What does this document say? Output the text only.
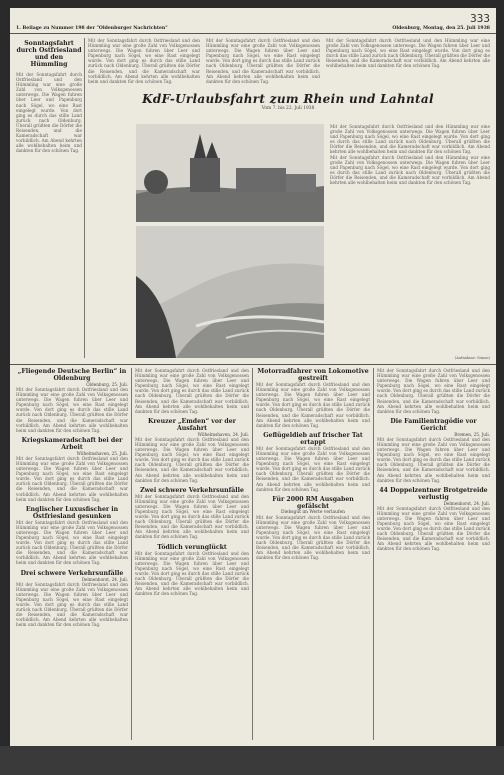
333
1. Beilage zu Nummer 198 der "Oldenburger Nachrichten"	Oldenburg, Montag, den 25. Juli 1938
Sonntagsfahrt durch Ostfriesland und den Hümmling
Mit der Sonntagsfahrt durch Ostfriesland und den Hümmling war eine große Zahl von Volksgenossen unterwegs. Die Wagen fuhren über Leer und Papenburg nach Sögel, wo eine Rast eingelegt wurde. Von dort ging es durch das stille Land zurück nach Oldenburg. Überall grüßten die Dörfer die Reisenden, und die Kameradschaft war vorbildlich. Am Abend kehrten alle wohlbehalten heim und dankten für den schönen Tag.
Mit der Sonntagsfahrt durch Ostfriesland und den Hümmling war eine große Zahl von Volksgenossen unterwegs. Die Wagen fuhren über Leer und Papenburg nach Sögel, wo eine Rast eingelegt wurde. Von dort ging es durch das stille Land zurück nach Oldenburg. Überall grüßten die Dörfer die Reisenden, und die Kameradschaft war vorbildlich. Am Abend kehrten alle wohlbehalten heim und dankten für den schönen Tag.
Mit der Sonntagsfahrt durch Ostfriesland und den Hümmling war eine große Zahl von Volksgenossen unterwegs. Die Wagen fuhren über Leer und Papenburg nach Sögel, wo eine Rast eingelegt wurde. Von dort ging es durch das stille Land zurück nach Oldenburg. Überall grüßten die Dörfer die Reisenden, und die Kameradschaft war vorbildlich. Am Abend kehrten alle wohlbehalten heim und dankten für den schönen Tag.
Mit der Sonntagsfahrt durch Ostfriesland und den Hümmling war eine große Zahl von Volksgenossen unterwegs. Die Wagen fuhren über Leer und Papenburg nach Sögel, wo eine Rast eingelegt wurde. Von dort ging es durch das stille Land zurück nach Oldenburg. Überall grüßten die Dörfer die Reisenden, und die Kameradschaft war vorbildlich. Am Abend kehrten alle wohlbehalten heim und dankten für den schönen Tag.
KdF-Urlaubsfahrt zum Rhein und Lahntal
Vom 7. bis 22. Juli 1938
Mit der Sonntagsfahrt durch Ostfriesland und den Hümmling war eine große Zahl von Volksgenossen unterwegs. Die Wagen fuhren über Leer und Papenburg nach Sögel, wo eine Rast eingelegt wurde. Von dort ging es durch das stille Land zurück nach Oldenburg. Überall grüßten die Dörfer die Reisenden, und die Kameradschaft war vorbildlich. Am Abend kehrten alle wohlbehalten heim und dankten für den schönen Tag.
Mit der Sonntagsfahrt durch Ostfriesland und den Hümmling war eine große Zahl von Volksgenossen unterwegs. Die Wagen fuhren über Leer und Papenburg nach Sögel, wo eine Rast eingelegt wurde. Von dort ging es durch das stille Land zurück nach Oldenburg. Überall grüßten die Dörfer die Reisenden, und die Kameradschaft war vorbildlich. Am Abend kehrten alle wohlbehalten heim und dankten für den schönen Tag.
(Aufnahme: Simon)
„Fliegende Deutsche Berlin“ in Oldenburg
Oldenburg, 25. Juli.
Mit der Sonntagsfahrt durch Ostfriesland und den Hümmling war eine große Zahl von Volksgenossen unterwegs. Die Wagen fuhren über Leer und Papenburg nach Sögel, wo eine Rast eingelegt wurde. Von dort ging es durch das stille Land zurück nach Oldenburg. Überall grüßten die Dörfer die Reisenden, und die Kameradschaft war vorbildlich. Am Abend kehrten alle wohlbehalten heim und dankten für den schönen Tag.
Kriegskameradschaft bei der Arbeit
Wilhelmshaven, 25. Juli.
Mit der Sonntagsfahrt durch Ostfriesland und den Hümmling war eine große Zahl von Volksgenossen unterwegs. Die Wagen fuhren über Leer und Papenburg nach Sögel, wo eine Rast eingelegt wurde. Von dort ging es durch das stille Land zurück nach Oldenburg. Überall grüßten die Dörfer die Reisenden, und die Kameradschaft war vorbildlich. Am Abend kehrten alle wohlbehalten heim und dankten für den schönen Tag.
Englischer Luxusfischer in Ostfriesland gesunken
Mit der Sonntagsfahrt durch Ostfriesland und den Hümmling war eine große Zahl von Volksgenossen unterwegs. Die Wagen fuhren über Leer und Papenburg nach Sögel, wo eine Rast eingelegt wurde. Von dort ging es durch das stille Land zurück nach Oldenburg. Überall grüßten die Dörfer die Reisenden, und die Kameradschaft war vorbildlich. Am Abend kehrten alle wohlbehalten heim und dankten für den schönen Tag.
Drei schwere Verkehrsunfälle
Delmenhorst, 24. Juli.
Mit der Sonntagsfahrt durch Ostfriesland und den Hümmling war eine große Zahl von Volksgenossen unterwegs. Die Wagen fuhren über Leer und Papenburg nach Sögel, wo eine Rast eingelegt wurde. Von dort ging es durch das stille Land zurück nach Oldenburg. Überall grüßten die Dörfer die Reisenden, und die Kameradschaft war vorbildlich. Am Abend kehrten alle wohlbehalten heim und dankten für den schönen Tag.
Mit der Sonntagsfahrt durch Ostfriesland und den Hümmling war eine große Zahl von Volksgenossen unterwegs. Die Wagen fuhren über Leer und Papenburg nach Sögel, wo eine Rast eingelegt wurde. Von dort ging es durch das stille Land zurück nach Oldenburg. Überall grüßten die Dörfer die Reisenden, und die Kameradschaft war vorbildlich. Am Abend kehrten alle wohlbehalten heim und dankten für den schönen Tag.
Kreuzer „Emden“ vor der Ausfahrt
Wilhelmshaven, 24. Juli.
Mit der Sonntagsfahrt durch Ostfriesland und den Hümmling war eine große Zahl von Volksgenossen unterwegs. Die Wagen fuhren über Leer und Papenburg nach Sögel, wo eine Rast eingelegt wurde. Von dort ging es durch das stille Land zurück nach Oldenburg. Überall grüßten die Dörfer die Reisenden, und die Kameradschaft war vorbildlich. Am Abend kehrten alle wohlbehalten heim und dankten für den schönen Tag.
Zwei schwere Verkehrsunfälle
Mit der Sonntagsfahrt durch Ostfriesland und den Hümmling war eine große Zahl von Volksgenossen unterwegs. Die Wagen fuhren über Leer und Papenburg nach Sögel, wo eine Rast eingelegt wurde. Von dort ging es durch das stille Land zurück nach Oldenburg. Überall grüßten die Dörfer die Reisenden, und die Kameradschaft war vorbildlich. Am Abend kehrten alle wohlbehalten heim und dankten für den schönen Tag.
Tödlich verunglückt
Mit der Sonntagsfahrt durch Ostfriesland und den Hümmling war eine große Zahl von Volksgenossen unterwegs. Die Wagen fuhren über Leer und Papenburg nach Sögel, wo eine Rast eingelegt wurde. Von dort ging es durch das stille Land zurück nach Oldenburg. Überall grüßten die Dörfer die Reisenden, und die Kameradschaft war vorbildlich. Am Abend kehrten alle wohlbehalten heim und dankten für den schönen Tag.
Motorradfahrer von Lokomotive gestreift
Mit der Sonntagsfahrt durch Ostfriesland und den Hümmling war eine große Zahl von Volksgenossen unterwegs. Die Wagen fuhren über Leer und Papenburg nach Sögel, wo eine Rast eingelegt wurde. Von dort ging es durch das stille Land zurück nach Oldenburg. Überall grüßten die Dörfer die Reisenden, und die Kameradschaft war vorbildlich. Am Abend kehrten alle wohlbehalten heim und dankten für den schönen Tag.
Geflügeldieb auf frischer Tat ertappt
Mit der Sonntagsfahrt durch Ostfriesland und den Hümmling war eine große Zahl von Volksgenossen unterwegs. Die Wagen fuhren über Leer und Papenburg nach Sögel, wo eine Rast eingelegt wurde. Von dort ging es durch das stille Land zurück nach Oldenburg. Überall grüßten die Dörfer die Reisenden, und die Kameradschaft war vorbildlich. Am Abend kehrten alle wohlbehalten heim und dankten für den schönen Tag.
Für 2000 RM Ausgaben gefälscht
Diebsgut im Werte verlaufen
Mit der Sonntagsfahrt durch Ostfriesland und den Hümmling war eine große Zahl von Volksgenossen unterwegs. Die Wagen fuhren über Leer und Papenburg nach Sögel, wo eine Rast eingelegt wurde. Von dort ging es durch das stille Land zurück nach Oldenburg. Überall grüßten die Dörfer die Reisenden, und die Kameradschaft war vorbildlich. Am Abend kehrten alle wohlbehalten heim und dankten für den schönen Tag.
Mit der Sonntagsfahrt durch Ostfriesland und den Hümmling war eine große Zahl von Volksgenossen unterwegs. Die Wagen fuhren über Leer und Papenburg nach Sögel, wo eine Rast eingelegt wurde. Von dort ging es durch das stille Land zurück nach Oldenburg. Überall grüßten die Dörfer die Reisenden, und die Kameradschaft war vorbildlich. Am Abend kehrten alle wohlbehalten heim und dankten für den schönen Tag.
Die Familientragödie vor Gericht
Bremen, 25. Juli.
Mit der Sonntagsfahrt durch Ostfriesland und den Hümmling war eine große Zahl von Volksgenossen unterwegs. Die Wagen fuhren über Leer und Papenburg nach Sögel, wo eine Rast eingelegt wurde. Von dort ging es durch das stille Land zurück nach Oldenburg. Überall grüßten die Dörfer die Reisenden, und die Kameradschaft war vorbildlich. Am Abend kehrten alle wohlbehalten heim und dankten für den schönen Tag.
44 Doppelzentner Brotgetreide verlustig
Delmenhorst, 24. Juli.
Mit der Sonntagsfahrt durch Ostfriesland und den Hümmling war eine große Zahl von Volksgenossen unterwegs. Die Wagen fuhren über Leer und Papenburg nach Sögel, wo eine Rast eingelegt wurde. Von dort ging es durch das stille Land zurück nach Oldenburg. Überall grüßten die Dörfer die Reisenden, und die Kameradschaft war vorbildlich. Am Abend kehrten alle wohlbehalten heim und dankten für den schönen Tag.
